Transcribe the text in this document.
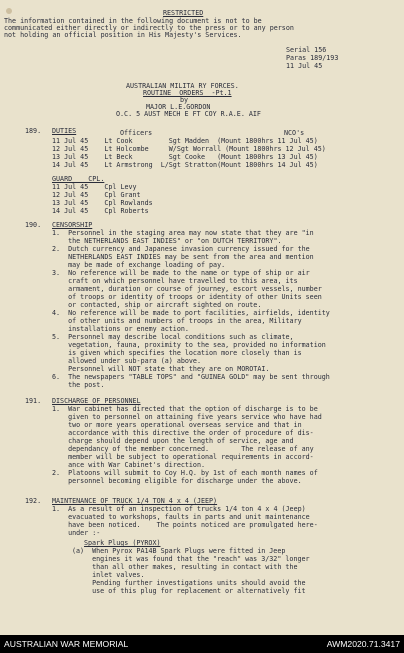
RESTRICTED
The information contained in the following document is not to be
communicated either directly or indirectly to the press or to any person
not holding an official position in His Majesty's Services.
Serial 156
Paras 189/193
11 Jul 45
AUSTRALIAN MILITA RY FORCES.
ROUTINE  ORDERS  -Pt.1
by
MAJOR L.E.GORDON
O.C. 5 AUST MECH E FT COY R.A.E. AIF
189. DUTIES	Officers	NCO's
11 Jul 45    Lt Cook         Sgt Madden  (Mount 1800hrs 11 Jul 45)
12 Jul 45    Lt Holcombe     W/Sgt Worrall (Mount 1800hrs 12 Jul 45)
13 Jul 45    Lt Beck         Sgt Cooke   (Mount 1800hrs 13 Jul 45)
14 Jul 45    Lt Armstrong  L/Sgt Stratton(Mount 1800hrs 14 Jul 45)
GUARD    CPL.
11 Jul 45    Cpl Levy
12 Jul 45    Cpl Grant
13 Jul 45    Cpl Rowlands
14 Jul 45    Cpl Roberts
190. CENSORSHIP
1.  Personnel in the staging area may now state that they are "in
the NETHERLANDS EAST INDIES" or "on DUTCH TERRITORY".
2.  Dutch currency and Japanese invasion currency issued for the
NETHERLANDS EAST INDIES may be sent from the area and mention
may be made of exchange loading of pay.
3.  No reference will be made to the name or type of ship or air
craft on which personnel have travelled to this area, its
armament, duration or course of journey, escort vessels, number
of troops or identity of troops or identity of other Units seen
or contacted, ship or aircraft sighted on route.
4.  No reference will be made to port facilities, airfields, identity
of other units and numbers of troops in the area, Military
installations or enemy action.
5.  Personnel may describe local conditions such as climate,
vegetation, fauna, proximity to the sea, provided no information
is given which specifies the location more closely than is
allowed under sub-para (a) above.
Personnel will NOT state that they are on MOROTAI.
6.  The newspapers "TABLE TOPS" and "GUINEA GOLD" may be sent through
the post.
191. DISCHARGE OF PERSONNEL
1.  War cabinet has directed that the option of discharge is to be
given to personnel on attaining five years service who have had
two or more years operational overseas service and that in
accordance with this directive the order of procedure of dis-
charge should depend upon the length of service, age and
dependancy of the member concerned.        The release of any
member will be subject to operational requirements in accord-
ance with War Cabinet's direction.
2.  Platoons will submit to Coy H.Q. by 1st of each month names of
personnel becoming eligible for discharge under the above.
192. MAINTENANCE OF TRUCK 1/4 TON 4 x 4 (JEEP)
1.  As a result of an inspection of trucks 1/4 ton 4 x 4 (Jeep)
evacuated to workshops, faults in parts and unit maintenance
have been noticed.    The points noticed are promulgated here-
under :-
Spark Plugs (PYROX)
(a)  When Pyrox PA14B Spark Plugs were fitted in Jeep
engines it was found that the "reach" was 3/32" longer
than all other makes, resulting in contact with the
inlet valves.
Pending further investigations units should avoid the
use of this plug for replacement or alternatively fit
AUSTRALIAN WAR MEMORIAL	AWM2020.71.3417
